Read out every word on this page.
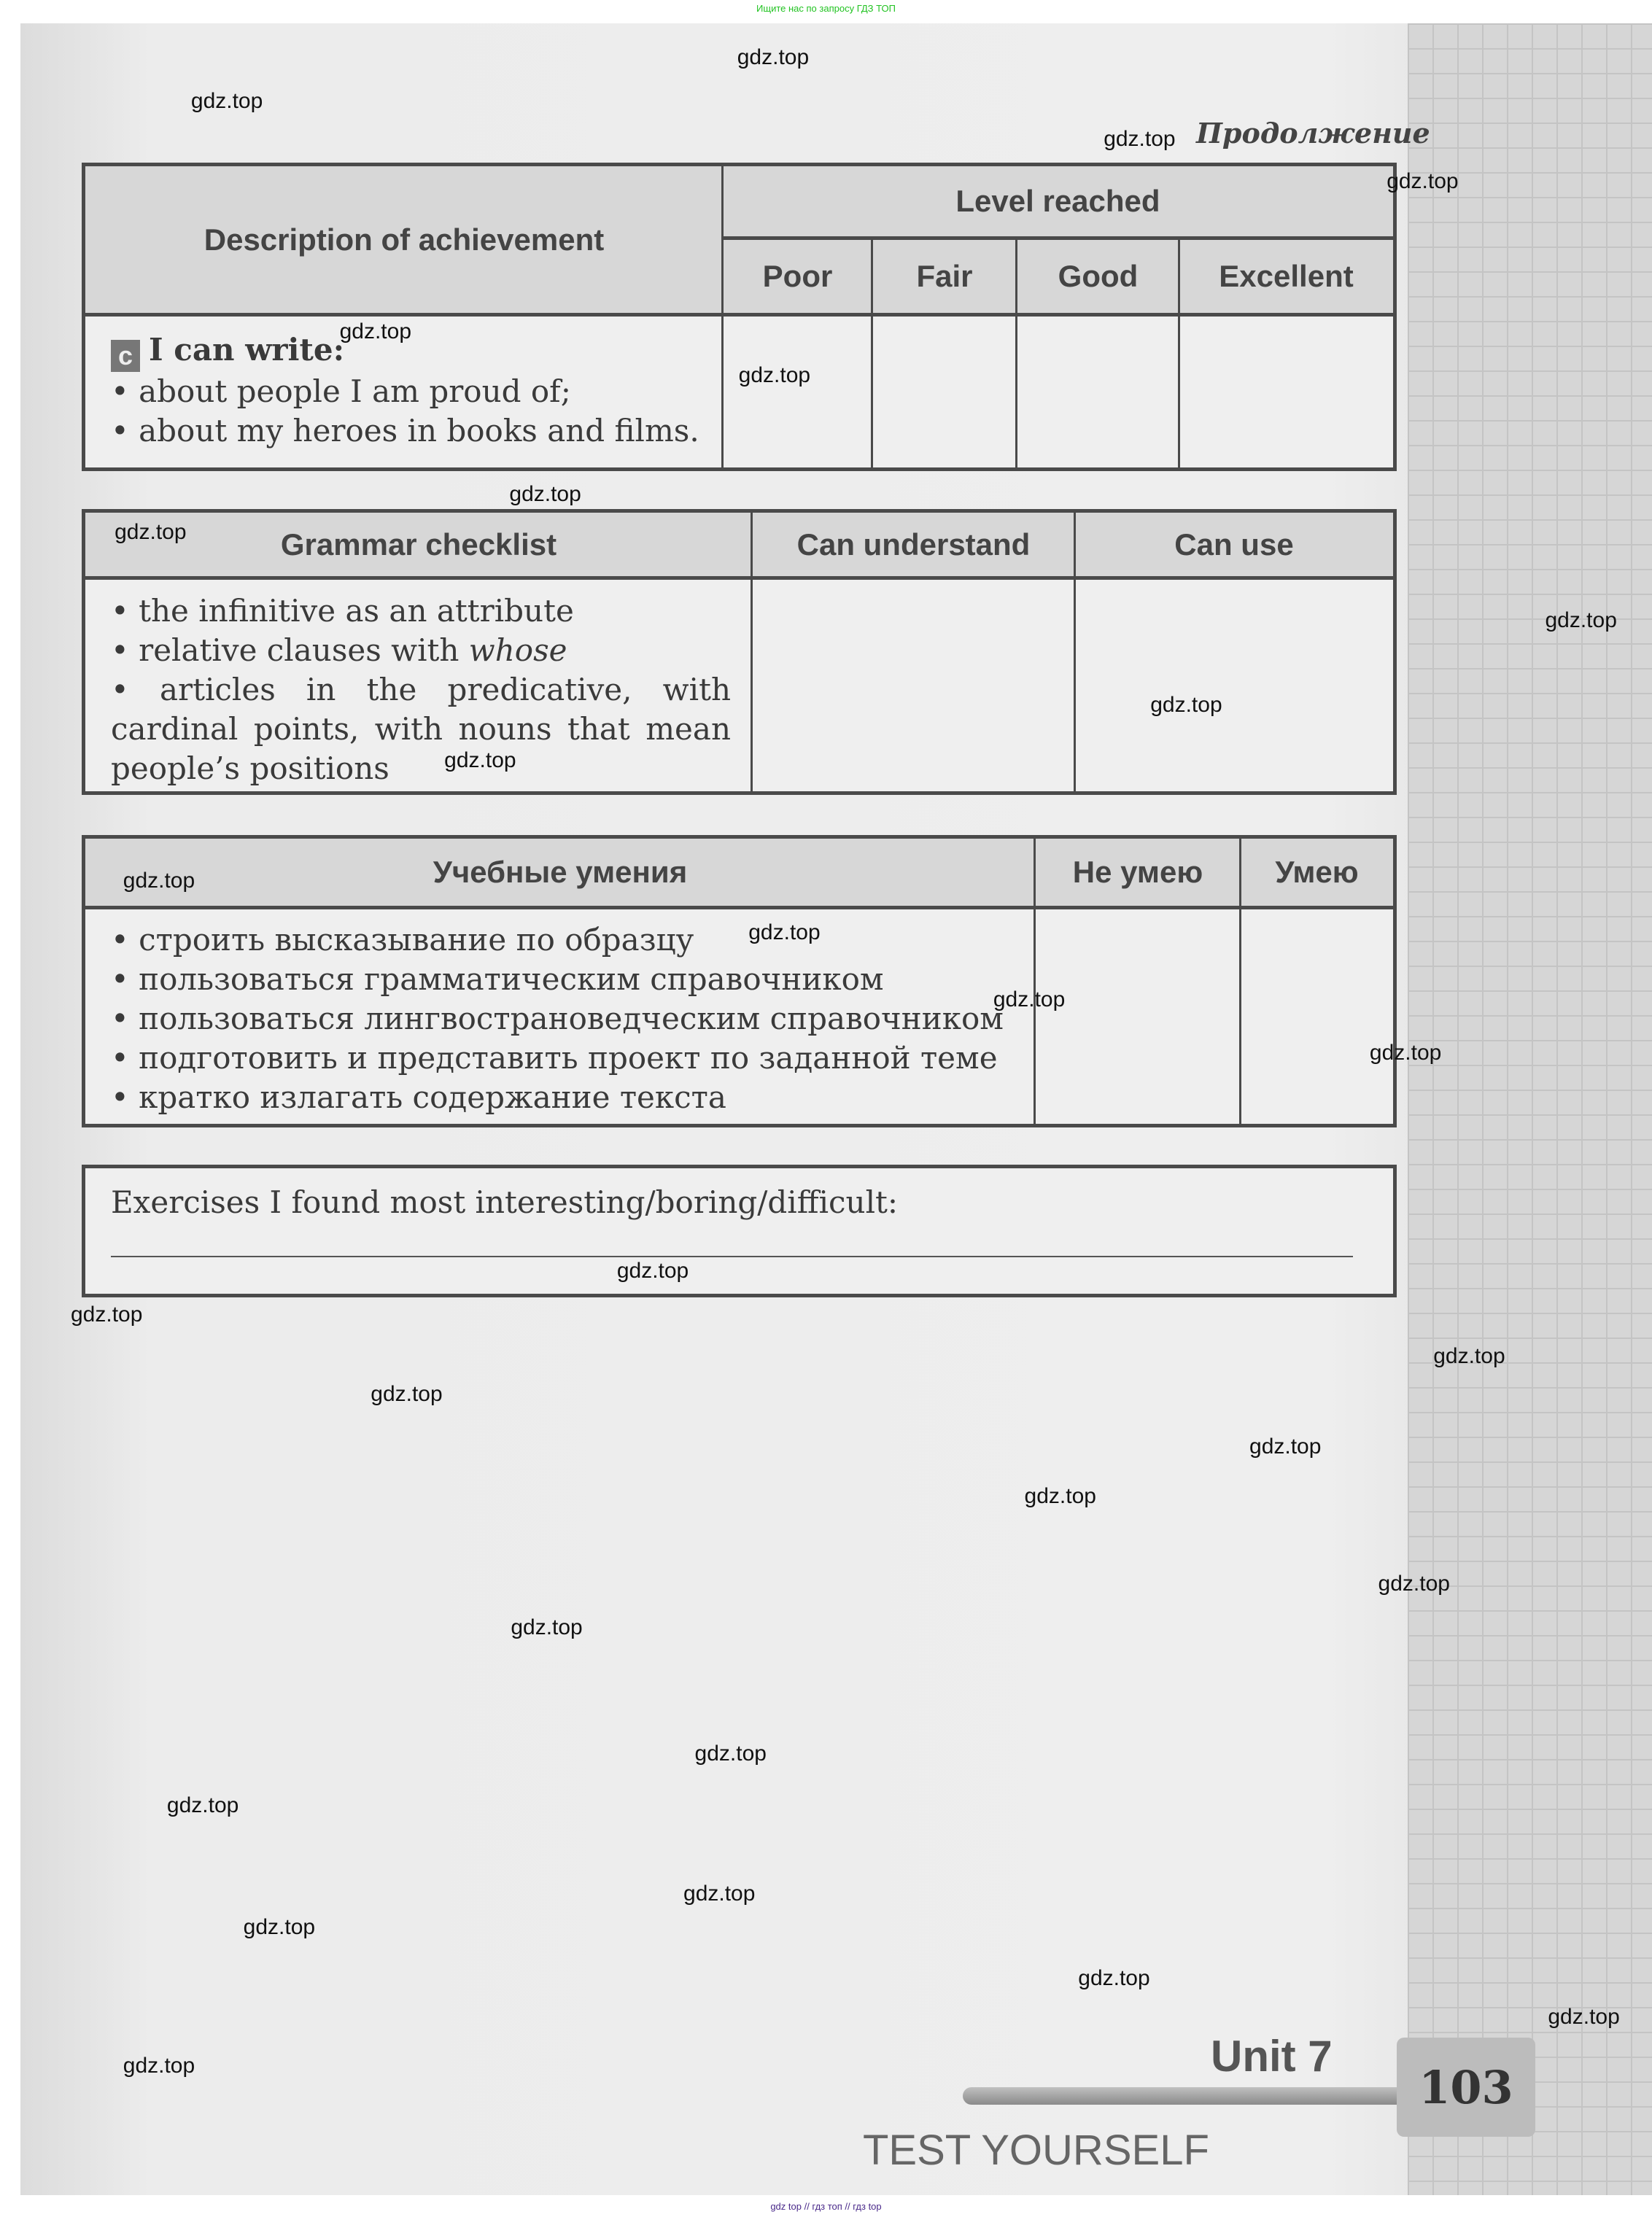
Ищите нас по запросу ГДЗ ТОП
Продолжение
Description of achievement
Level reached
Poor	Fair	Good	Excellent
c I can write:
• about people I am proud of;
• about my heroes in books and films.
Grammar checklist	Can understand	Can use
• the infinitive as an attribute
• relative clauses with whose
• articles in the predicative, with cardinal points, with nouns that mean people’s positions
Учебные умения	Не умею	Умею
• строить высказывание по образцу
• пользоваться грамматическим справочником
• пользоваться лингвострановедческим справочником
• подготовить и представить проект по заданной теме
• кратко излагать содержание текста
Exercises I found most interesting/boring/difficult:
Unit 7
103
TEST YOURSELF
gdz top // гдз топ // гдз top
gdz.top
gdz.top
gdz.top
gdz.top
gdz.top
gdz.top
gdz.top
gdz.top
gdz.top
gdz.top
gdz.top
gdz.top
gdz.top
gdz.top
gdz.top
gdz.top
gdz.top
gdz.top
gdz.top
gdz.top
gdz.top
gdz.top
gdz.top
gdz.top
gdz.top
gdz.top
gdz.top
gdz.top
gdz.top
gdz.top
